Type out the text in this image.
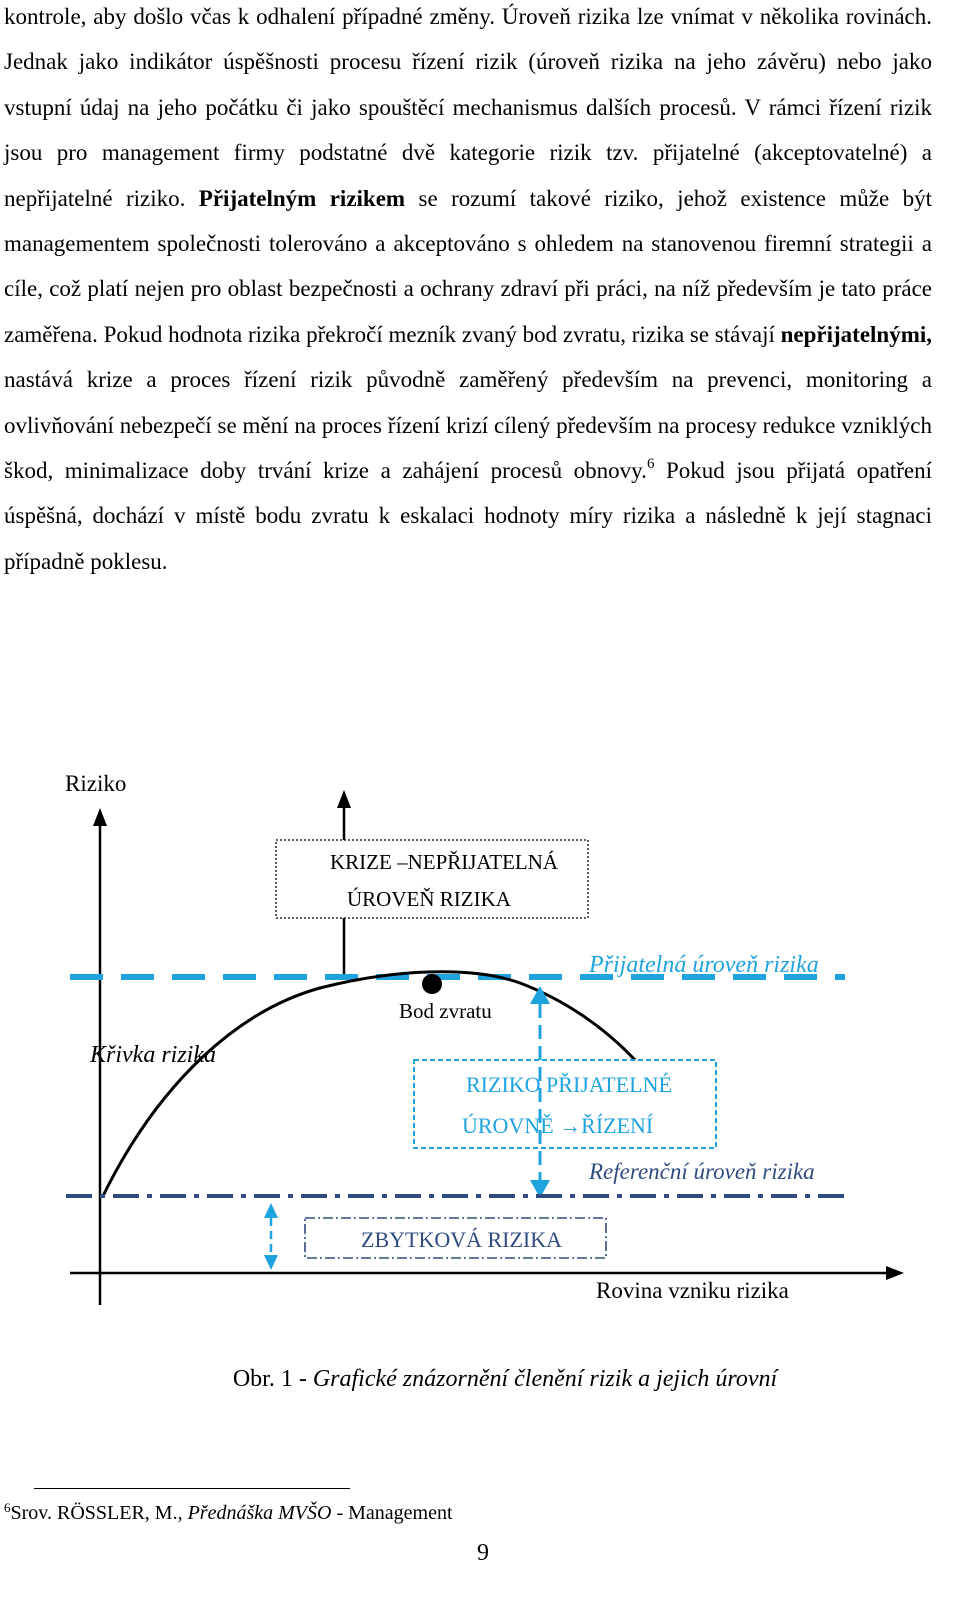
kontrole, aby došlo včas k odhalení případné změny. Úroveň rizika lze vnímat v několika rovinách. Jednak jako indikátor úspěšnosti procesu řízení rizik (úroveň rizika na jeho závěru) nebo jako vstupní údaj na jeho počátku či jako spouštěcí mechanismus dalších procesů. V rámci řízení rizik jsou pro management firmy podstatné dvě kategorie rizik tzv. přijatelné (akceptovatelné) a nepřijatelné riziko. Přijatelným rizikem se rozumí takové riziko, jehož existence může být managementem společnosti tolerováno a akceptováno s ohledem na stanovenou firemní strategii a cíle, což platí nejen pro oblast bezpečnosti a ochrany zdraví při práci, na níž především je tato práce zaměřena. Pokud hodnota rizika překročí mezník zvaný bod zvratu, rizika se stávají nepřijatelnými, nastává krize a proces řízení rizik původně zaměřený především na prevenci, monitoring a ovlivňování nebezpečí se mění na proces řízení krizí cílený především na procesy redukce vzniklých škod, minimalizace doby trvání krize a zahájení procesů obnovy.$^6$ Pokud jsou přijatá opatření úspěšná, dochází v místě bodu zvratu k eskalaci hodnoty míry rizika a následně k její stagnaci případně poklesu.

Riziko
Rovina vzniku rizika
KRIZE –NEPŘIJATELNÁ
ÚROVEŇ RIZIKA
Přijatelná úroveň rizika
Bod zvratu
Křivka rizika
RIZIKO PŘIJATELNÉ
ÚROVNĚ →ŘÍZENÍ
Referenční úroveň rizika
ZBYTKOVÁ RIZIKA

Obr. 1 - Grafické znázornění členění rizik a jejich úrovní

$^6$Srov. RÖSSLER, M., Přednáška MVŠO - Management

9
